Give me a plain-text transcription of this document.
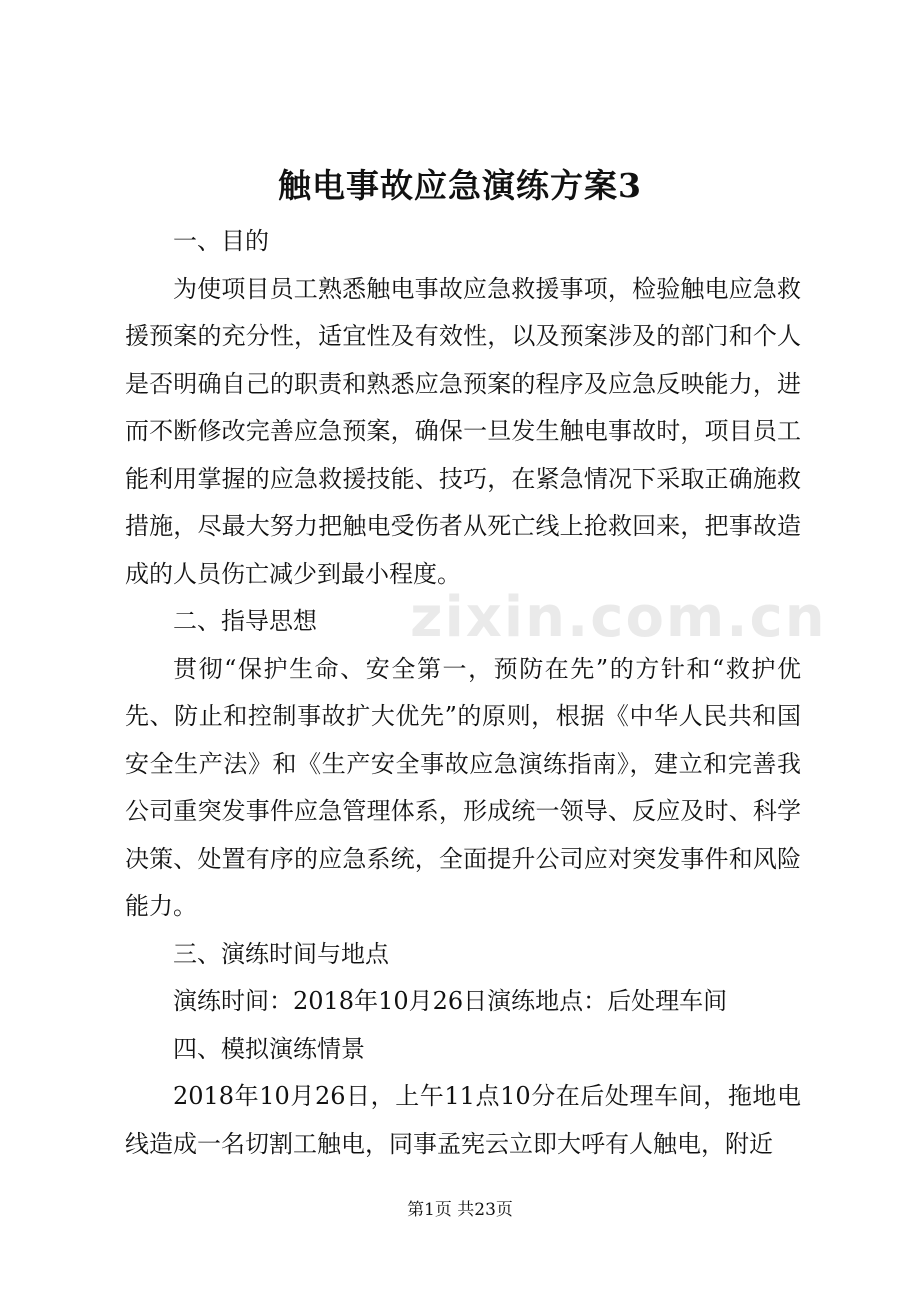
zixin.com.cn
触电事故应急演练方案3

一、目的

为使项目员工熟悉触电事故应急救援事项，检验触电应急救援预案的充分性，适宜性及有效性，以及预案涉及的部门和个人是否明确自己的职责和熟悉应急预案的程序及应急反映能力，进而不断修改完善应急预案，确保一旦发生触电事故时，项目员工能利用掌握的应急救援技能、技巧，在紧急情况下采取正确施救措施，尽最大努力把触电受伤者从死亡线上抢救回来，把事故造成的人员伤亡减少到最小程度。

二、指导思想

贯彻“保护生命、安全第一，预防在先”的方针和“救护优先、防止和控制事故扩大优先”的原则，根据《中华人民共和国安全生产法》和《生产安全事故应急演练指南》，建立和完善我公司重突发事件应急管理体系，形成统一领导、反应及时、科学决策、处置有序的应急系统，全面提升公司应对突发事件和风险能力。

三、演练时间与地点

演练时间：2018年10月26日演练地点：后处理车间

四、模拟演练情景

2018年10月26日，上午11点10分在后处理车间，拖地电线造成一名切割工触电，同事孟宪云立即大呼有人触电，附近

第1页 共23页
